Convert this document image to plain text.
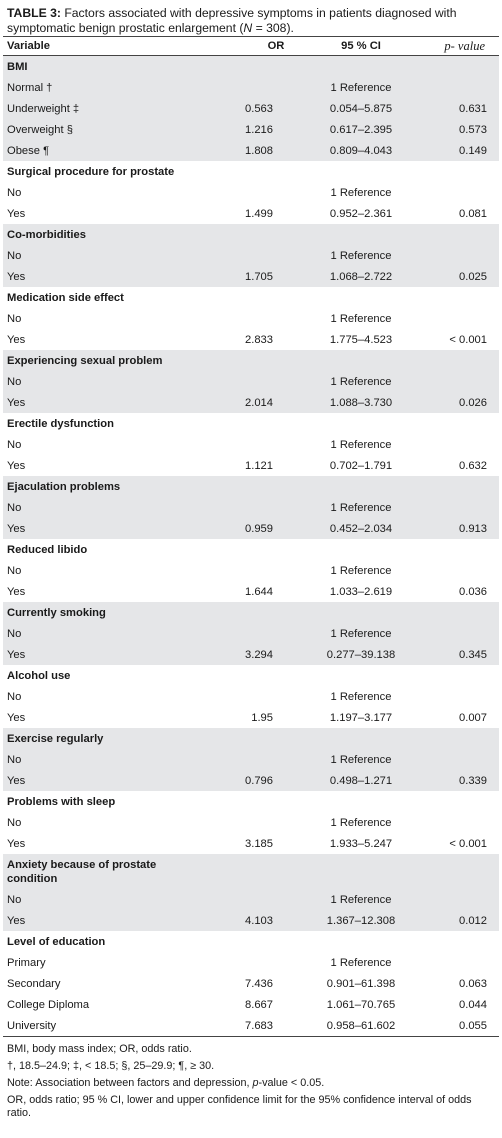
TABLE 3: Factors associated with depressive symptoms in patients diagnosed with symptomatic benign prostatic enlargement (N = 308).
Variable	OR	95 % CI	p- value

BMI			

Normal †		1 Reference	
Underweight ‡	0.563	0.054–5.875	0.631
Overweight §	1.216	0.617–2.395	0.573
Obese ¶	1.808	0.809–4.043	0.149

Surgical procedure for prostate			

No		1 Reference	
Yes	1.499	0.952–2.361	0.081

Co-morbidities			

No		1 Reference	
Yes	1.705	1.068–2.722	0.025

Medication side effect			

No		1 Reference	
Yes	2.833	1.775–4.523	< 0.001

Experiencing sexual problem			

No		1 Reference	
Yes	2.014	1.088–3.730	0.026

Erectile dysfunction			

No		1 Reference	
Yes	1.121	0.702–1.791	0.632

Ejaculation problems			

No		1 Reference	
Yes	0.959	0.452–2.034	0.913

Reduced libido			

No		1 Reference	
Yes	1.644	1.033–2.619	0.036

Currently smoking			

No		1 Reference	
Yes	3.294	0.277–39.138	0.345

Alcohol use			

No		1 Reference	
Yes	1.95	1.197–3.177	0.007

Exercise regularly			

No		1 Reference	
Yes	0.796	0.498–1.271	0.339

Problems with sleep			

No		1 Reference	
Yes	3.185	1.933–5.247	< 0.001

Anxiety because of prostate condition			

No		1 Reference	
Yes	4.103	1.367–12.308	0.012

Level of education			

Primary		1 Reference	
Secondary	7.436	0.901–61.398	0.063
College Diploma	8.667	1.061–70.765	0.044
University	7.683	0.958–61.602	0.055

BMI, body mass index; OR, odds ratio.

†, 18.5–24.9; ‡, < 18.5; §, 25–29.9; ¶, ≥ 30.

Note: Association between factors and depression, p-value < 0.05.

OR, odds ratio; 95 % CI, lower and upper confidence limit for the 95% confidence interval of odds ratio.
